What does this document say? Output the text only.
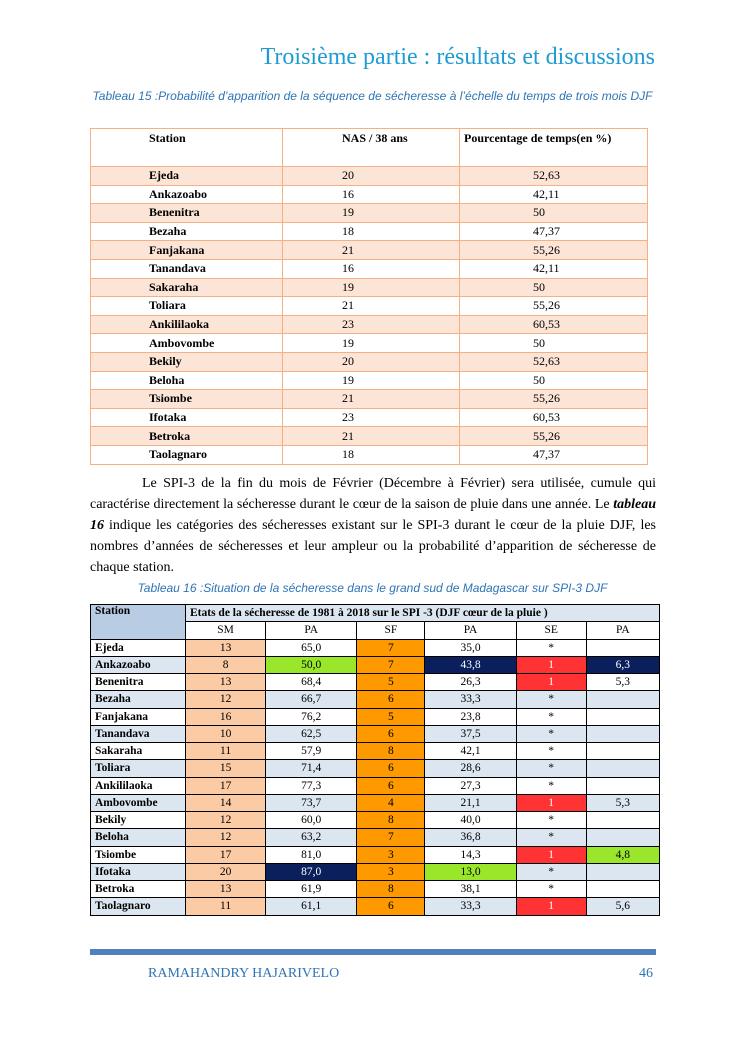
Troisième partie : résultats et discussions
Tableau 15 :Probabilité d’apparition de la séquence de sécheresse à l’échelle du temps de trois mois DJF
Station	NAS / 38 ans	Pourcentage de temps(en %)
Ejeda	20	52,63
Ankazoabo	16	42,11
Benenitra	19	50
Bezaha	18	47,37
Fanjakana	21	55,26
Tanandava	16	42,11
Sakaraha	19	50
Toliara	21	55,26
Ankililaoka	23	60,53
Ambovombe	19	50
Bekily	20	52,63
Beloha	19	50
Tsiombe	21	55,26
Ifotaka	23	60,53
Betroka	21	55,26
Taolagnaro	18	47,37
Le SPI-3 de la fin du mois de Février (Décembre à Février) sera utilisée, cumule qui caractérise directement la sécheresse durant le cœur de la saison de pluie dans une année. Le tableau 16 indique les catégories des sécheresses existant sur le SPI-3 durant le cœur de la pluie DJF, les nombres d’années de sécheresses et leur ampleur ou la probabilité d’apparition de sécheresse de chaque station.
Tableau 16 :Situation de la sécheresse dans le grand sud de Madagascar sur SPI-3 DJF
Station	Etats de la sécheresse de 1981 à 2018 sur le SPI -3 (DJF cœur de la pluie )					
	SM	PA	SF	PA	SE	PA
Ejeda	13	65,0	7	35,0	*	
Ankazoabo	8	50,0	7	43,8	1	6,3
Benenitra	13	68,4	5	26,3	1	5,3
Bezaha	12	66,7	6	33,3	*	
Fanjakana	16	76,2	5	23,8	*	
Tanandava	10	62,5	6	37,5	*	
Sakaraha	11	57,9	8	42,1	*	
Toliara	15	71,4	6	28,6	*	
Ankililaoka	17	77,3	6	27,3	*	
Ambovombe	14	73,7	4	21,1	1	5,3
Bekily	12	60,0	8	40,0	*	
Beloha	12	63,2	7	36,8	*	
Tsiombe	17	81,0	3	14,3	1	4,8
Ifotaka	20	87,0	3	13,0	*	
Betroka	13	61,9	8	38,1	*	
Taolagnaro	11	61,1	6	33,3	1	5,6
RAMAHANDRY HAJARIVELO	46
